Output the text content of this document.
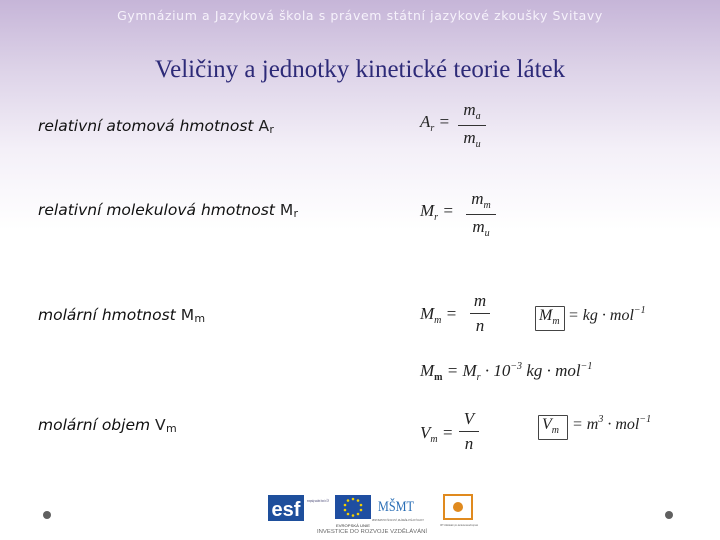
Gymnázium a Jazyková škola s právem státní jazykové zkoušky Svitavy
Veličiny a jednotky kinetické teorie látek
relativní atomová hmotnost $A_r$	$A_r$ =
$m_a$
$m_u$
relativní molekulová hmotnost $M_r$	$M_r$ =
$m_m$
$m_u$
molární hmotnost $M_m$	$M_m$ =
m
n
$M_m$ = kg · mol$^{-1}$
$M_m = M_r \cdot 10^{-3}$ kg · mol$^{-1}$
molární objem $V_m$	$V_m$ =
V
n
$V_m = m^3 \cdot mol^{-1}$
esf evropský sociální fond v ČR
EVROPSKÁ UNIE
MŠMT
MINISTERSTVO ŠKOLSTVÍ, MLÁDEŽE A TĚLOVÝCHOVY
OP Vzdělávání pro konkurenceschopnost
INVESTICE DO ROZVOJE VZDĚLÁVÁNÍ
